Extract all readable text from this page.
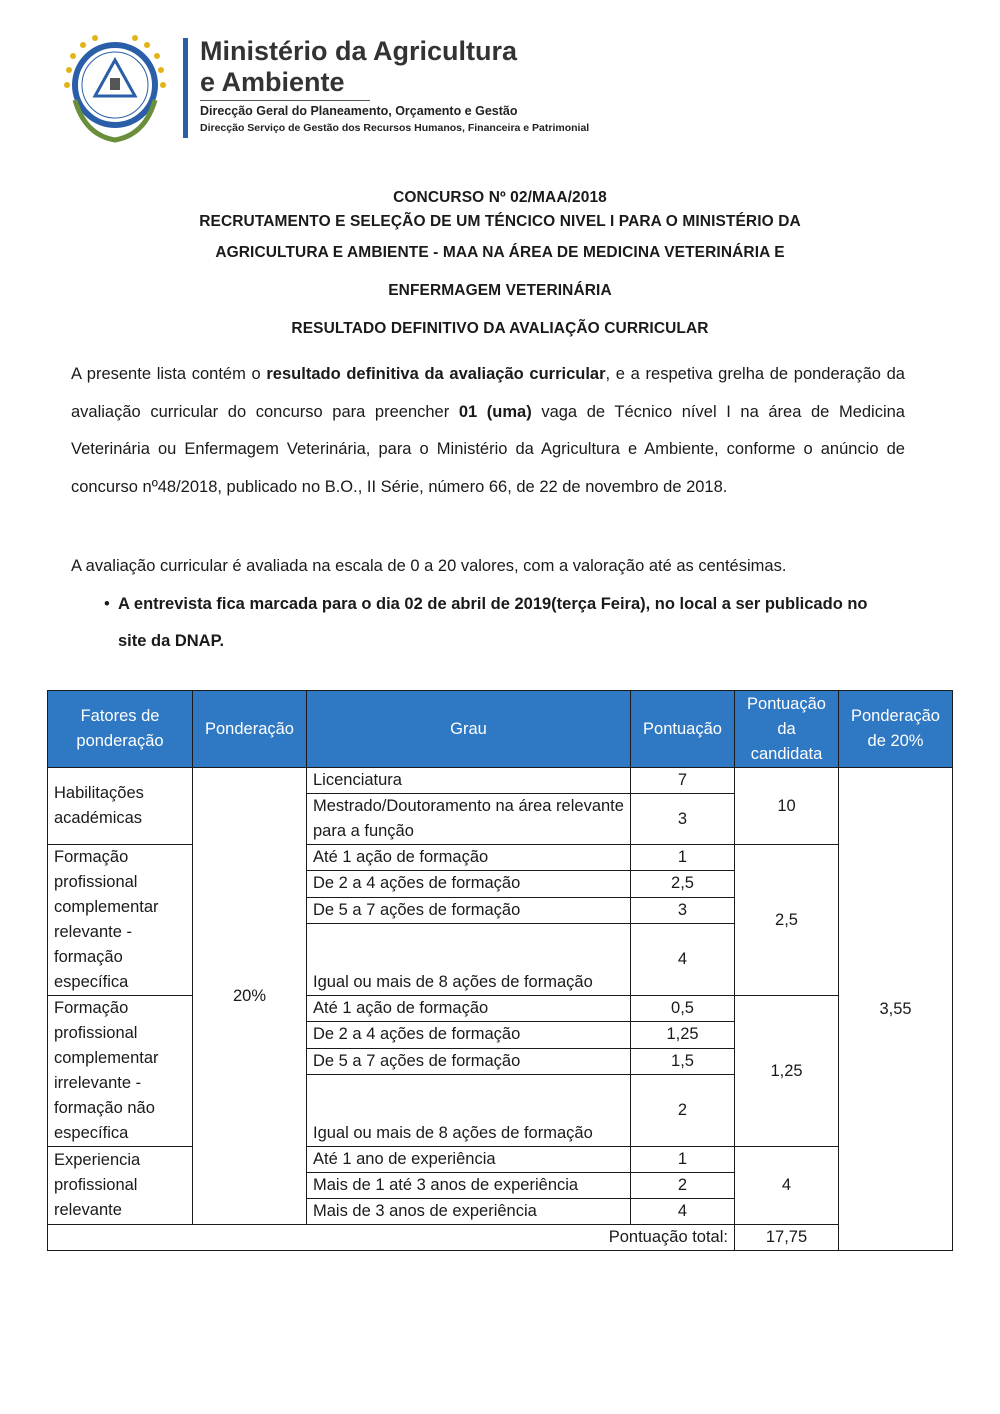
Ministério da Agricultura
e Ambiente
Direcção Geral do Planeamento, Orçamento e Gestão
Direcção Serviço de Gestão dos Recursos Humanos, Financeira e Patrimonial
CONCURSO Nº 02/MAA/2018
RECRUTAMENTO E SELEÇÃO DE UM TÉNCICO NIVEL I PARA O MINISTÉRIO DA
AGRICULTURA E AMBIENTE - MAA NA ÁREA DE MEDICINA VETERINÁRIA E
ENFERMAGEM VETERINÁRIA
RESULTADO DEFINITIVO DA AVALIAÇÃO CURRICULAR

A presente lista contém o resultado definitiva da avaliação curricular, e a respetiva grelha de ponderação da avaliação curricular do concurso para preencher 01 (uma) vaga de Técnico nível I na área de Medicina Veterinária ou Enfermagem Veterinária, para o Ministério da Agricultura e Ambiente, conforme o anúncio de concurso nº48/2018, publicado no B.O., II Série, número 66, de 22 de novembro de 2018.

A avaliação curricular é avaliada na escala de 0 a 20 valores, com a valoração até as centésimas.
• A entrevista fica marcada para o dia 02 de abril de 2019(terça Feira), no local a ser publicado no site da DNAP.
Fatores de ponderação	Ponderação	Grau	Pontuação	Pontuação da candidata	Ponderação de 20%
Habilitações académicas	20%	Licenciatura	7	10	3,55
		Mestrado/Doutoramento na área relevante para a função	3		
Formação profissional complementar relevante - formação específica		Até 1 ação de formação	1	2,5	
		De 2 a 4 ações de formação	2,5		
		De 5 a 7 ações de formação	3		
		Igual ou mais de 8 ações de formação	4		
Formação profissional complementar irrelevante - formação não específica		Até 1 ação de formação	0,5	1,25	
		De 2 a 4 ações de formação	1,25		
		De 5 a 7 ações de formação	1,5		
		Igual ou mais de 8 ações de formação	2		
Experiencia profissional relevante		Até 1 ano de experiência	1	4	
		Mais de 1 até 3 anos de experiência	2		
		Mais de 3 anos de experiência	4		
Pontuação total:				17,75	
